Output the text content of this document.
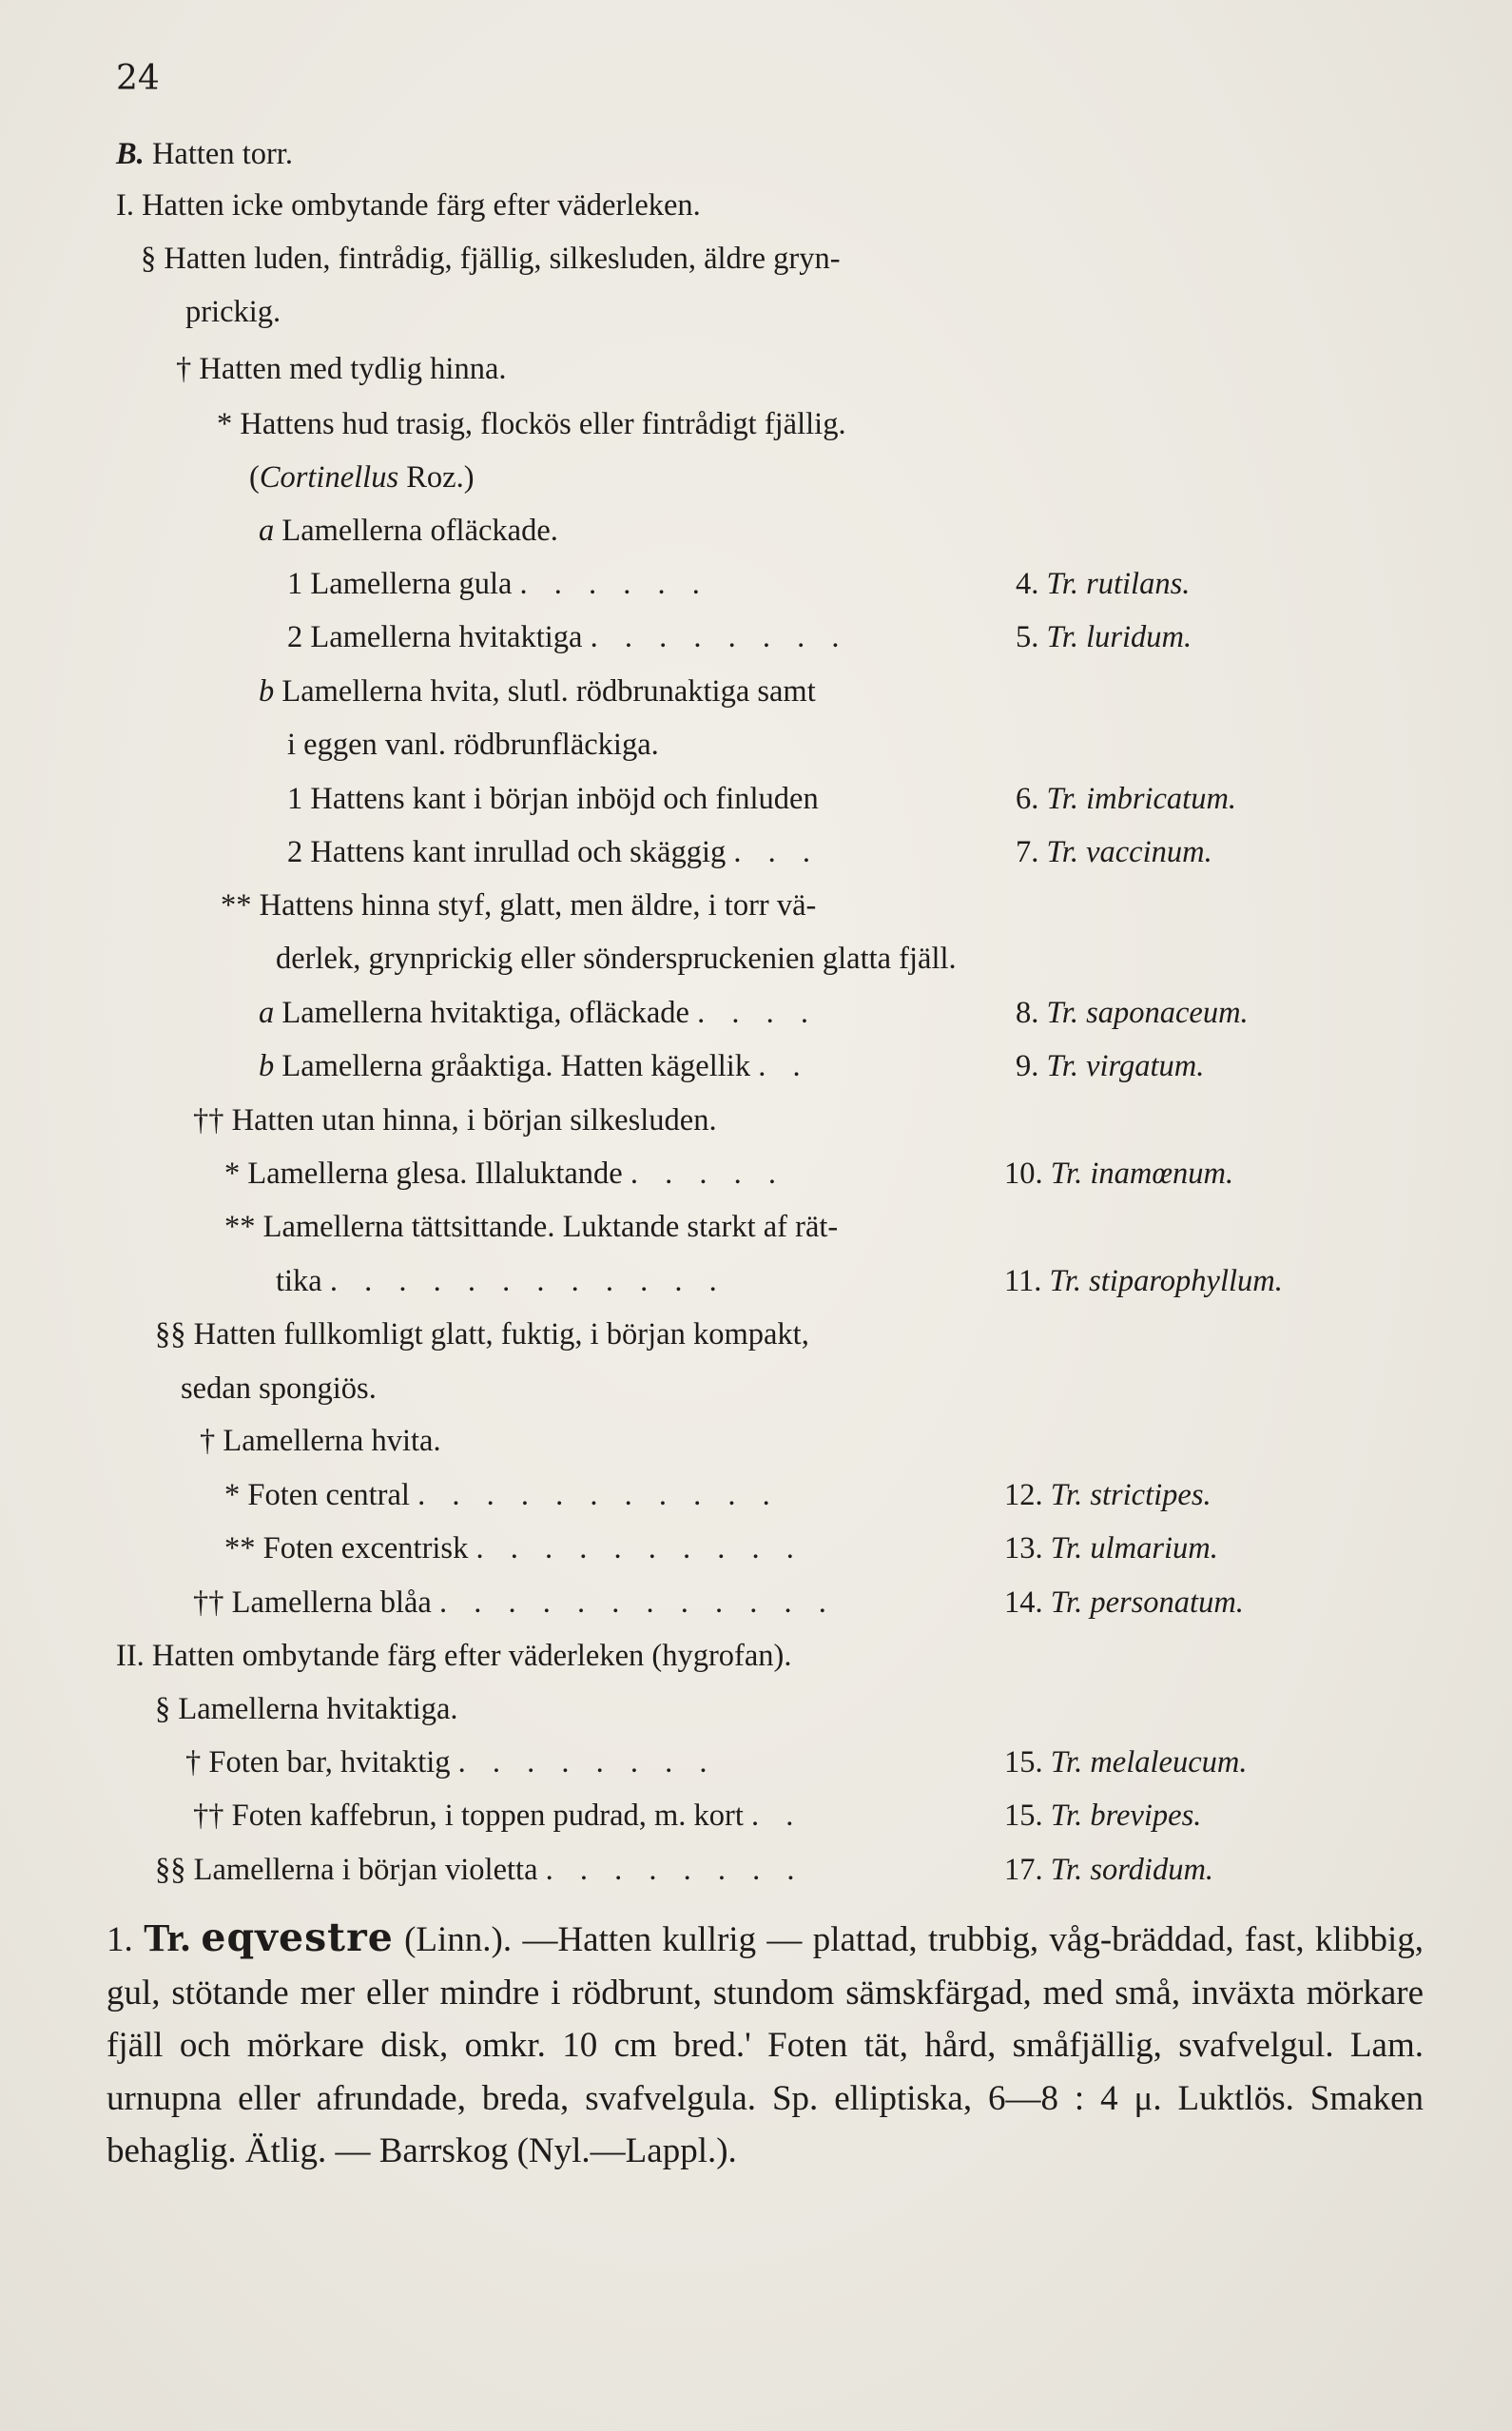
24
B. Hatten torr.
I. Hatten icke ombytande färg efter väderleken.
§ Hatten luden, fintrådig, fjällig, silkesluden, äldre gryn-
prickig.
† Hatten med tydlig hinna.
* Hattens hud trasig, flockös eller fintrådigt fjällig.
(Cortinellus Roz.)
a Lamellerna ofläckade.
1 Lamellerna gula . . . . . .	4. Tr. rutilans.
2 Lamellerna hvitaktiga . . . . . . . .	5. Tr. luridum.
b Lamellerna hvita, slutl. rödbrunaktiga samt
i eggen vanl. rödbrunfläckiga.
1 Hattens kant i början inböjd och finluden	6. Tr. imbricatum.
2 Hattens kant inrullad och skäggig . . .	7. Tr. vaccinum.
** Hattens hinna styf, glatt, men äldre, i torr vä-
derlek, grynprickig eller sönderspruckenien glatta fjäll.
a Lamellerna hvitaktiga, ofläckade . . . .	8. Tr. saponaceum.
b Lamellerna gråaktiga. Hatten kägellik . .	9. Tr. virgatum.
†† Hatten utan hinna, i början silkesluden.
* Lamellerna glesa. Illaluktande . . . . .	10. Tr. inamœnum.
** Lamellerna tättsittande. Luktande starkt af rät-
tika . . . . . . . . . . . .	11. Tr. stiparophyllum.
§§ Hatten fullkomligt glatt, fuktig, i början kompakt,
sedan spongiös.
† Lamellerna hvita.
* Foten central . . . . . . . . . . .	12. Tr. strictipes.
** Foten excentrisk . . . . . . . . . .	13. Tr. ulmarium.
†† Lamellerna blåa . . . . . . . . . . . .	14. Tr. personatum.
II. Hatten ombytande färg efter väderleken (hygrofan).
§ Lamellerna hvitaktiga.
† Foten bar, hvitaktig . . . . . . . .	15. Tr. melaleucum.
†† Foten kaffebrun, i toppen pudrad, m. kort . .	15. Tr. brevipes.
§§ Lamellerna i början violetta . . . . . . . .	17. Tr. sordidum.
1. Tr. eqvestre (Linn.). —Hatten kullrig — plattad, trubbig, våg-bräddad, fast, klibbig, gul, stötande mer eller mindre i rödbrunt, stundom sämskfärgad, med små, inväxta mörkare fjäll och mörkare disk, omkr. 10 cm bred.' Foten tät, hård, småfjällig, svafvelgul. Lam. urnupna eller afrundade, breda, svafvelgula. Sp. elliptiska, 6—8 : 4 μ. Luktlös. Smaken behaglig. Ätlig. — Barrskog (Nyl.—Lappl.).
